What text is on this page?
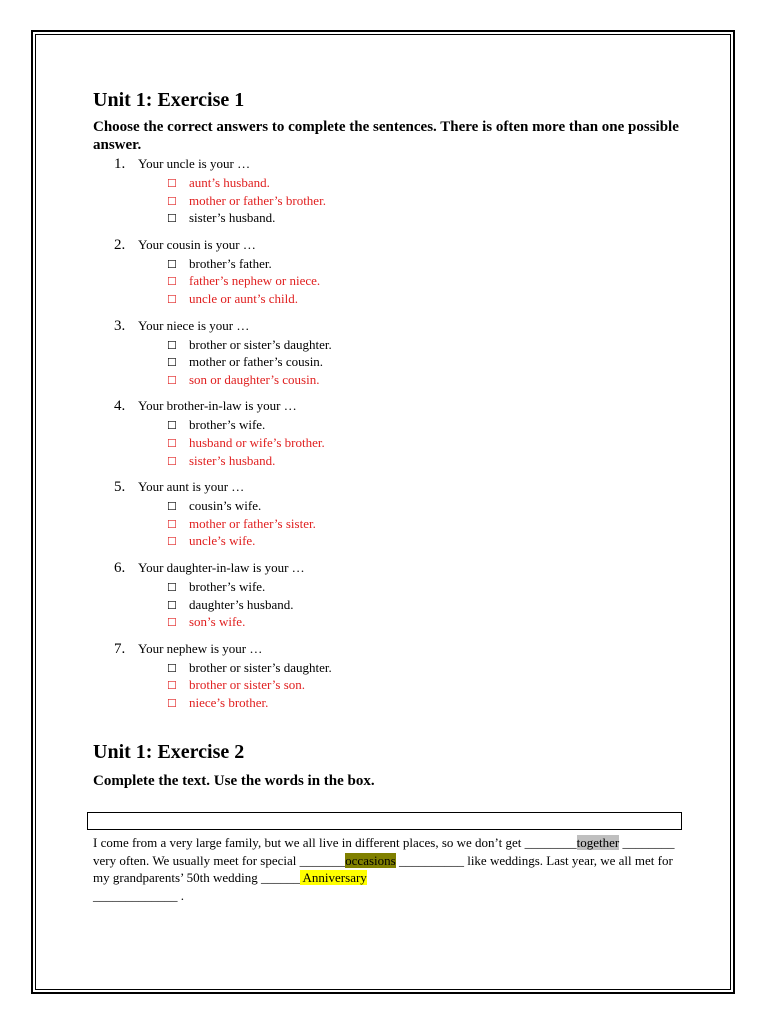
Unit 1: Exercise 1
Choose the correct answers to complete the sentences. There is often more than one possible answer.
1. Your uncle is your …
☐ aunt’s husband.
☐ mother or father’s brother.
☐ sister’s husband.
2. Your cousin is your …
☐ brother’s father.
☐ father’s nephew or niece.
☐ uncle or aunt’s child.
3. Your niece is your …
☐ brother or sister’s daughter.
☐ mother or father’s cousin.
☐ son or daughter’s cousin.
4. Your brother-in-law is your …
☐ brother’s wife.
☐ husband or wife’s brother.
☐ sister’s husband.
5. Your aunt is your …
☐ cousin’s wife.
☐ mother or father’s sister.
☐ uncle’s wife.
6. Your daughter-in-law is your …
☐ brother’s wife.
☐ daughter’s husband.
☐ son’s wife.
7. Your nephew is your …
☐ brother or sister’s daughter.
☐ brother or sister’s son.
☐ niece’s brother.
Unit 1: Exercise 2
Complete the text. Use the words in the box.
I come from a very large family, but we all live in different places, so we don’t get ________together ________ very often. We usually meet for special _______occasions __________ like weddings. Last year, we all met for my grandparents’ 50th wedding ______ Anniversary
_____________ .
